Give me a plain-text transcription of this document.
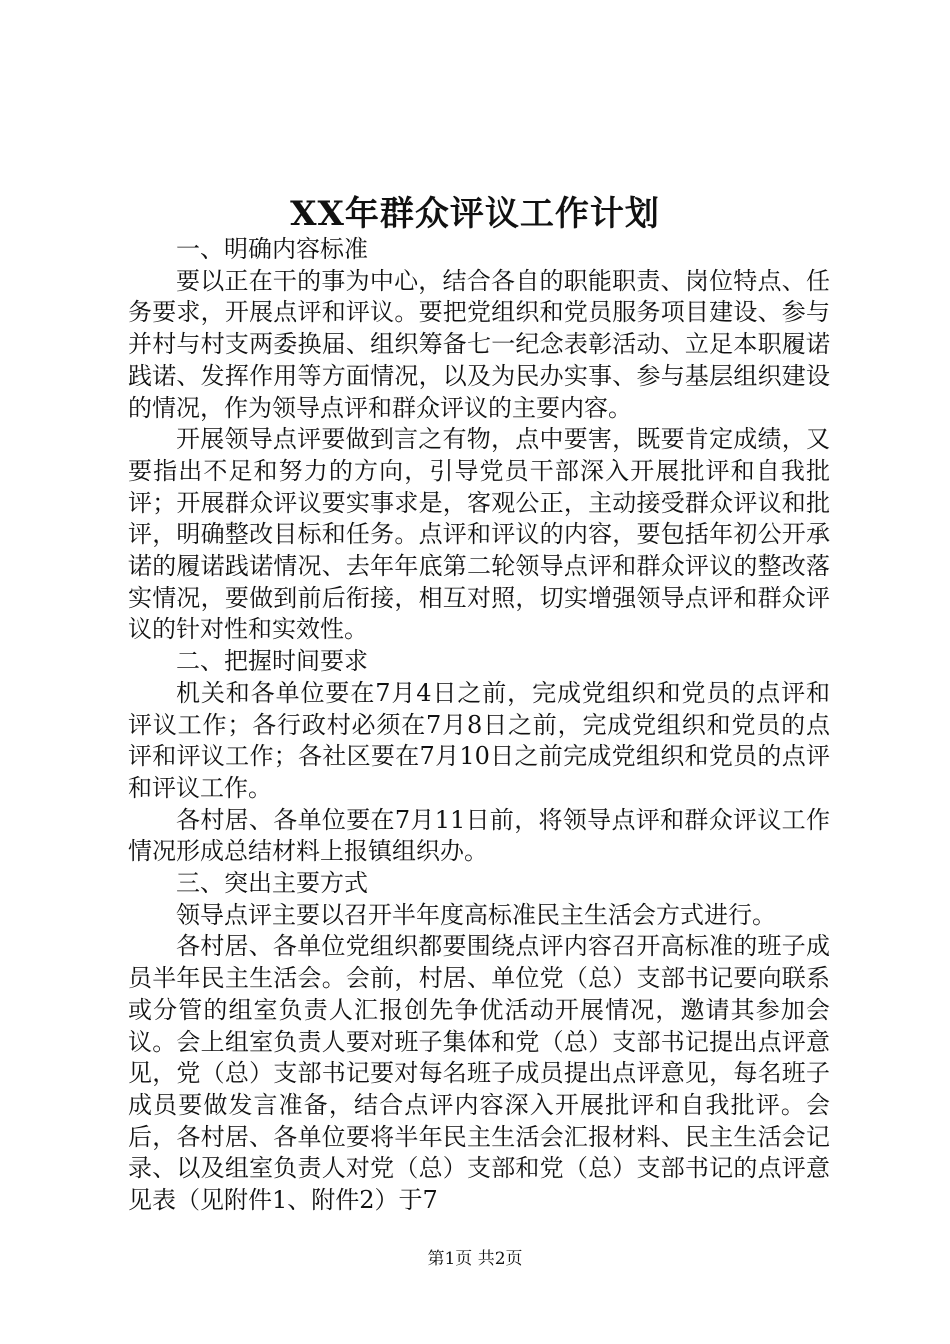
XX年群众评议工作计划

一、明确内容标准

要以正在干的事为中心，结合各自的职能职责、岗位特点、任务要求，开展点评和评议。要把党组织和党员服务项目建设、参与并村与村支两委换届、组织筹备七一纪念表彰活动、立足本职履诺践诺、发挥作用等方面情况，以及为民办实事、参与基层组织建设的情况，作为领导点评和群众评议的主要内容。

开展领导点评要做到言之有物，点中要害，既要肯定成绩，又要指出不足和努力的方向，引导党员干部深入开展批评和自我批评；开展群众评议要实事求是，客观公正，主动接受群众评议和批评，明确整改目标和任务。点评和评议的内容，要包括年初公开承诺的履诺践诺情况、去年年底第二轮领导点评和群众评议的整改落实情况，要做到前后衔接，相互对照，切实增强领导点评和群众评议的针对性和实效性。

二、把握时间要求

机关和各单位要在7月4日之前，完成党组织和党员的点评和评议工作；各行政村必须在7月8日之前，完成党组织和党员的点评和评议工作；各社区要在7月10日之前完成党组织和党员的点评和评议工作。

各村居、各单位要在7月11日前，将领导点评和群众评议工作情况形成总结材料上报镇组织办。

三、突出主要方式

领导点评主要以召开半年度高标准民主生活会方式进行。

各村居、各单位党组织都要围绕点评内容召开高标准的班子成员半年民主生活会。会前，村居、单位党（总）支部书记要向联系或分管的组室负责人汇报创先争优活动开展情况，邀请其参加会议。会上组室负责人要对班子集体和党（总）支部书记提出点评意见，党（总）支部书记要对每名班子成员提出点评意见，每名班子成员要做发言准备，结合点评内容深入开展批评和自我批评。会后，各村居、各单位要将半年民主生活会汇报材料、民主生活会记录、以及组室负责人对党（总）支部和党（总）支部书记的点评意见表（见附件1、附件2）于7

第1页 共2页
